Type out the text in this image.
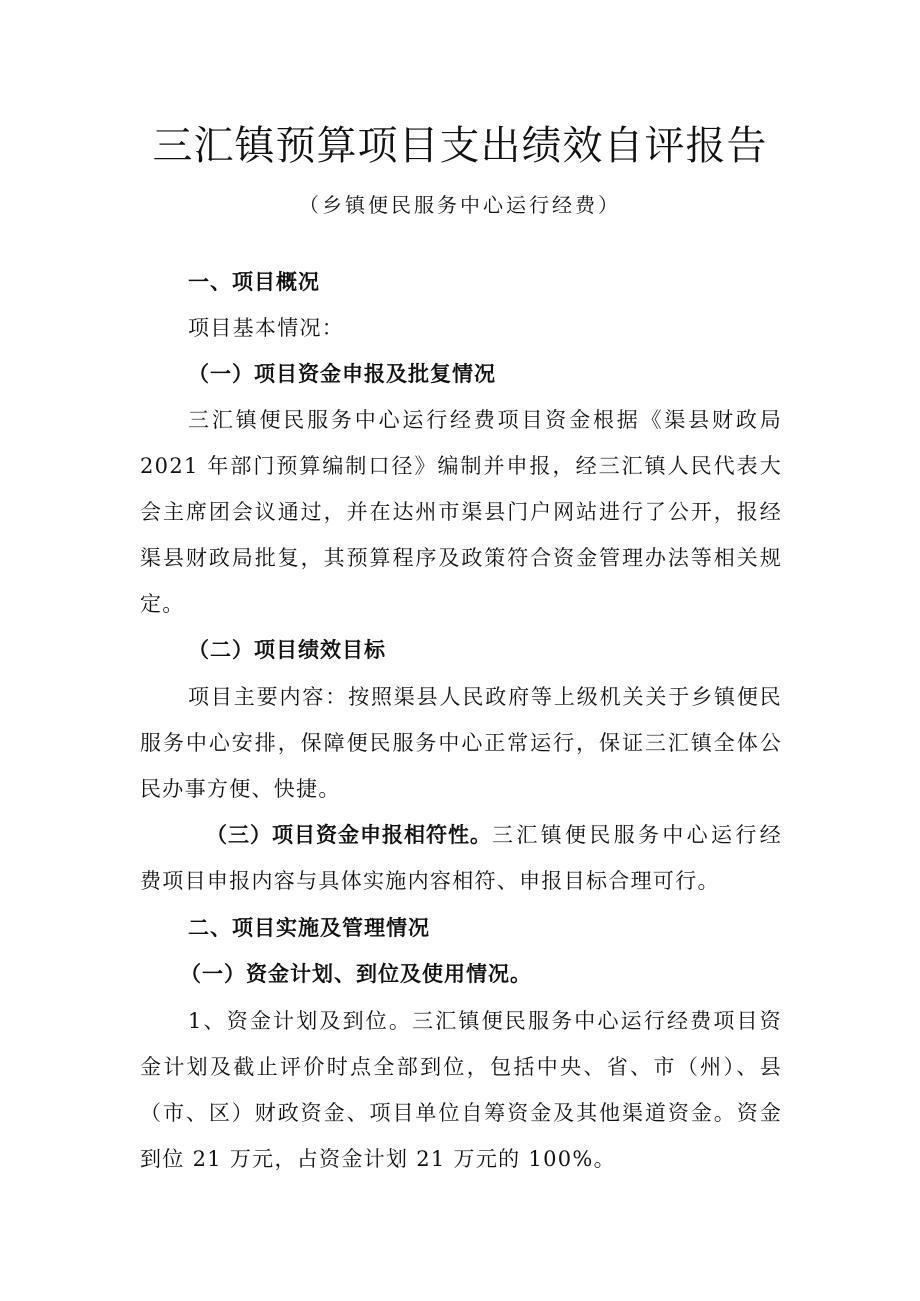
三汇镇预算项目支出绩效自评报告
（乡镇便民服务中心运行经费）
一、项目概况
项目基本情况：
（一）项目资金申报及批复情况
三汇镇便民服务中心运行经费项目资金根据《渠县财政局
2021 年部门预算编制口径》编制并申报，经三汇镇人民代表大
会主席团会议通过，并在达州市渠县门户网站进行了公开，报经
渠县财政局批复，其预算程序及政策符合资金管理办法等相关规
定。
（二）项目绩效目标
项目主要内容：按照渠县人民政府等上级机关关于乡镇便民
服务中心安排，保障便民服务中心正常运行，保证三汇镇全体公
民办事方便、快捷。
（三）项目资金申报相符性。 三汇镇便民服务中心运行经
费项目申报内容与具体实施内容相符、申报目标合理可行。
二、项目实施及管理情况
（一）资金计划、到位及使用情况。
1、资金计划及到位。三汇镇便民服务中心运行经费项目资
金计划及截止评价时点全部到位，包括中央、省、市（州）、县
（市、区）财政资金、项目单位自筹资金及其他渠道资金。资金
到位 21 万元，占资金计划 21 万元的 100%。
